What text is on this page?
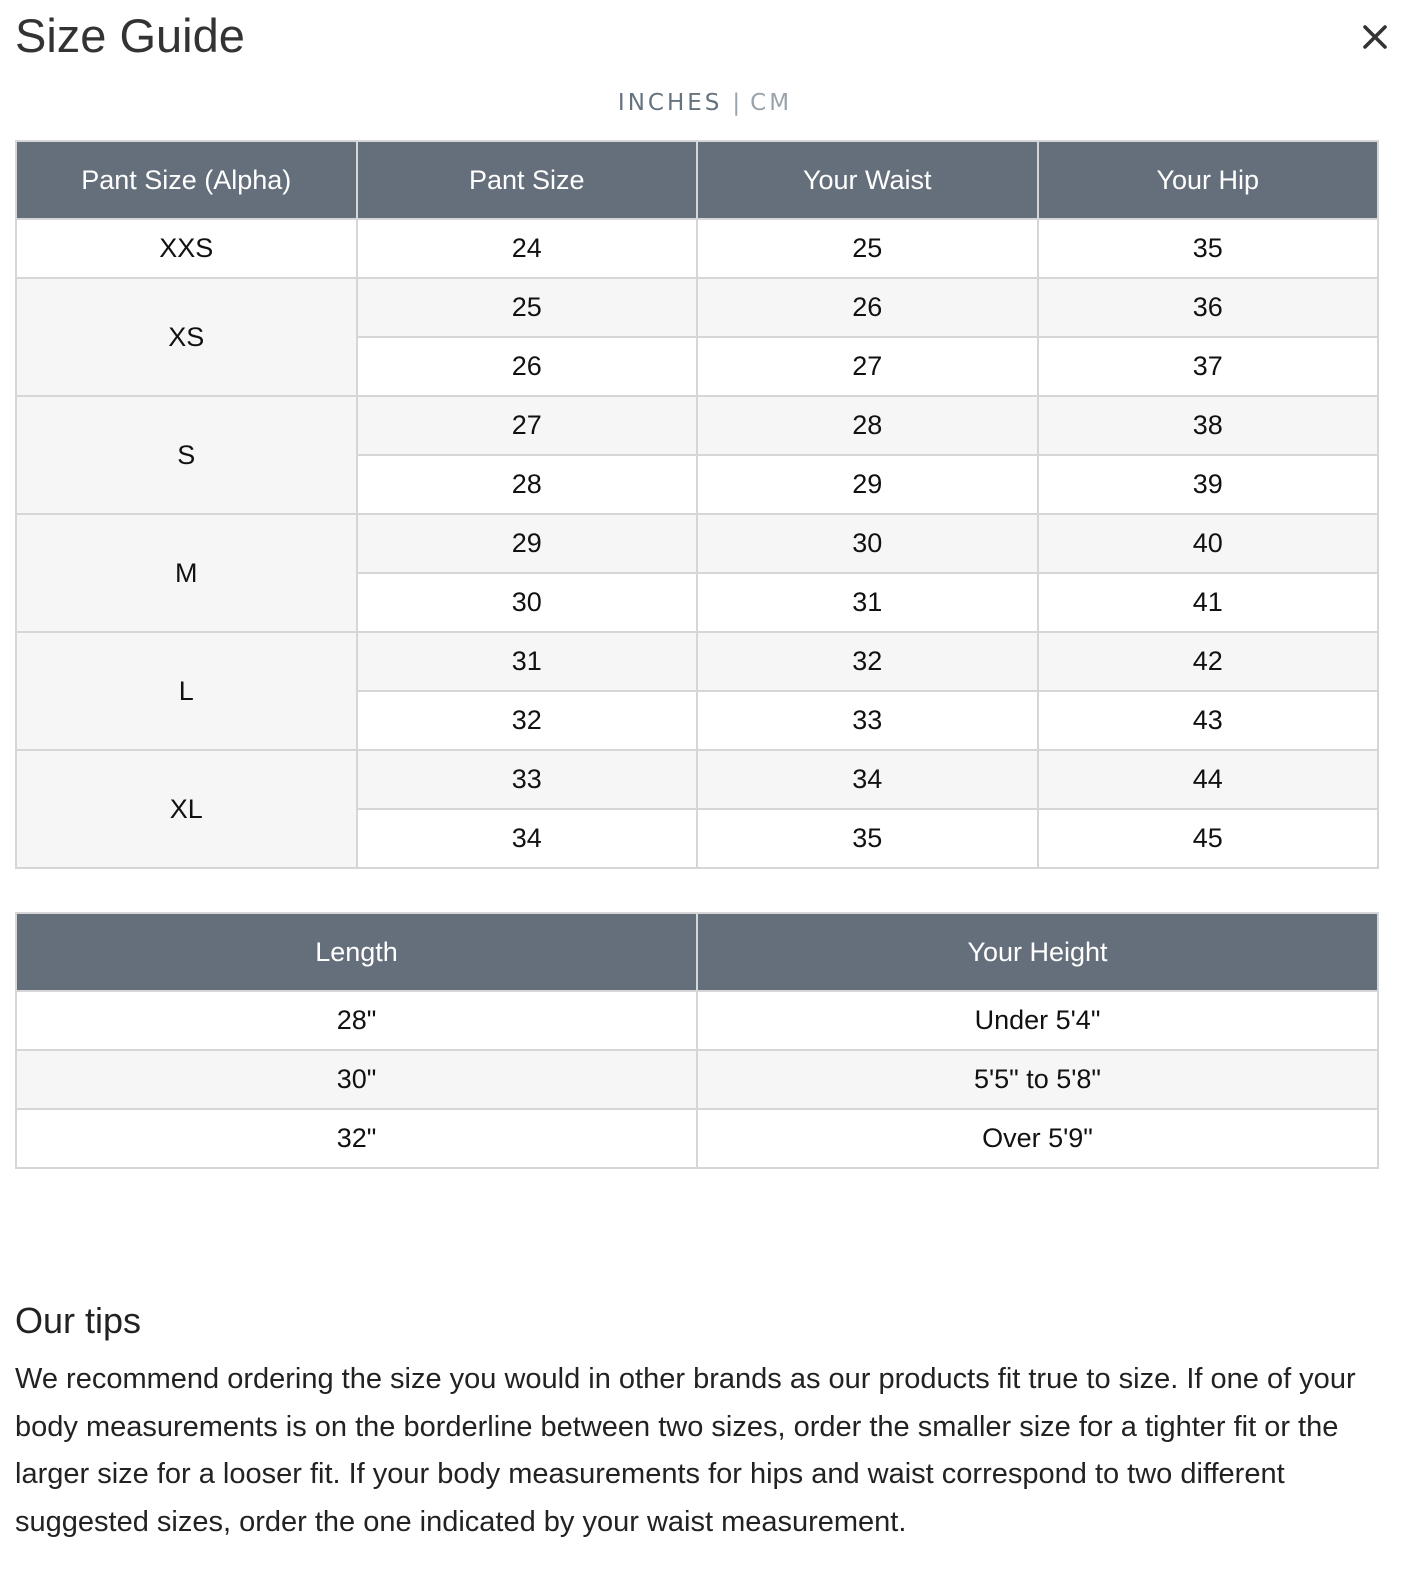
Size Guide
INCHES | CM
Pant Size (Alpha)	Pant Size	Your Waist	Your Hip
XXS	24	25	35
XS	25	26	36
	26	27	37
S	27	28	38
	28	29	39
M	29	30	40
	30	31	41
L	31	32	42
	32	33	43
XL	33	34	44
	34	35	45
Length	Your Height
28"	Under 5'4"
30"	5'5" to 5'8"
32"	Over 5'9"
Our tips

We recommend ordering the size you would in other brands as our products fit true to size. If one of your body measurements is on the borderline between two sizes, order the smaller size for a tighter fit or the larger size for a looser fit. If your body measurements for hips and waist correspond to two different suggested sizes, order the one indicated by your waist measurement.
